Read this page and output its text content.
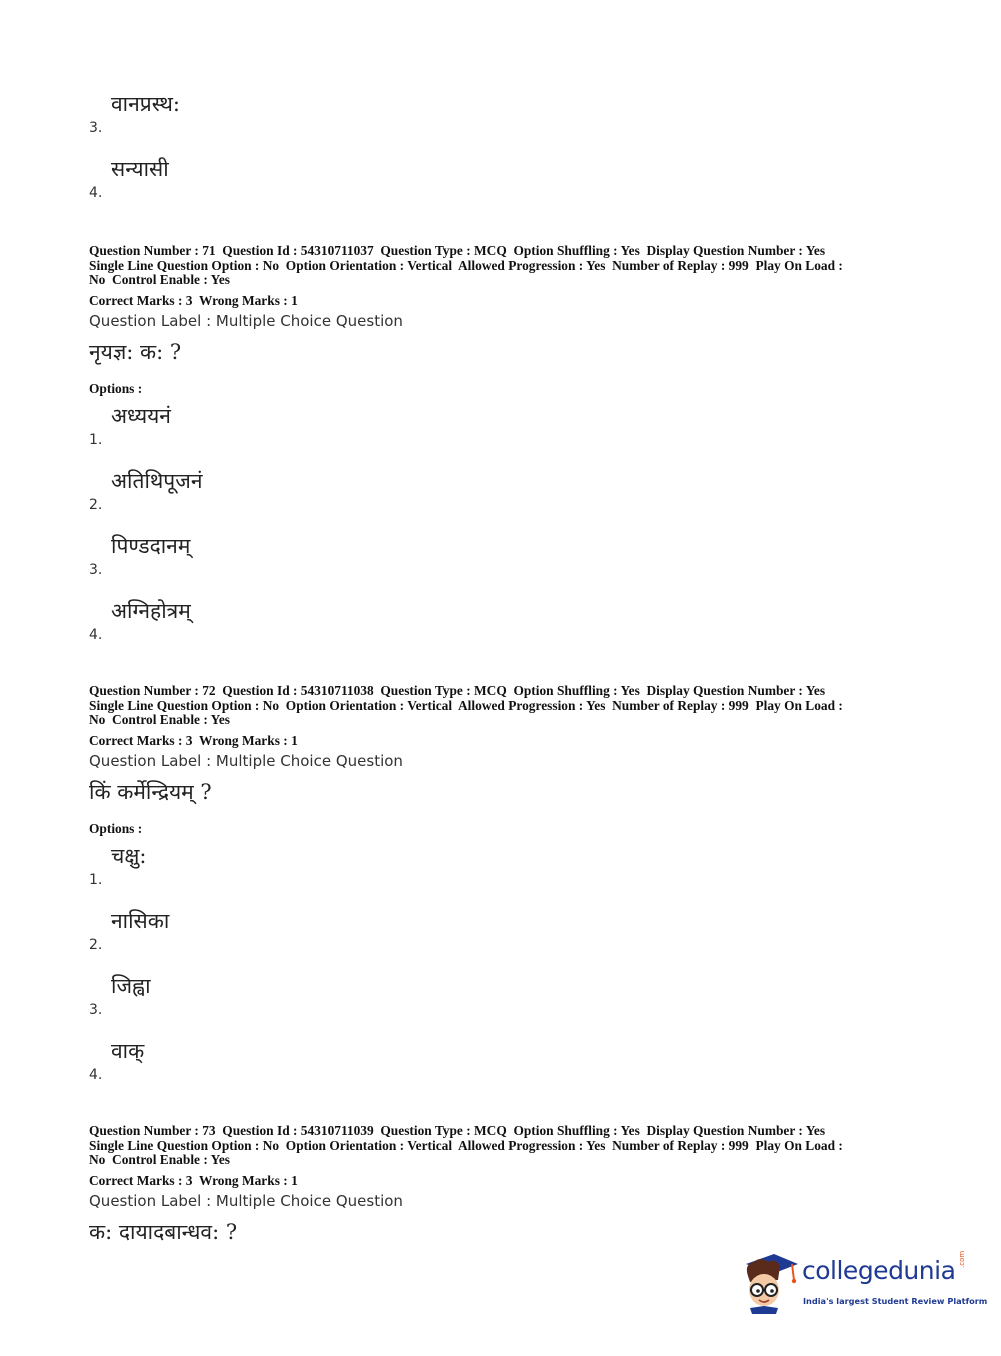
3.
वानप्रस्थ:
4.
सन्यासी
Question Number : 71  Question Id : 54310711037  Question Type : MCQ  Option Shuffling : Yes  Display Question Number : Yes
Single Line Question Option : No  Option Orientation : Vertical  Allowed Progression : Yes  Number of Replay : 999  Play On Load :
No  Control Enable : Yes
Correct Marks : 3  Wrong Marks : 1
Question Label : Multiple Choice Question
नृयज्ञ: क: ?
Options :
1.
अध्ययनं
2.
अतिथिपूजनं
3.
पिण्डदानम्
4.
अग्निहोत्रम्
Question Number : 72  Question Id : 54310711038  Question Type : MCQ  Option Shuffling : Yes  Display Question Number : Yes
Single Line Question Option : No  Option Orientation : Vertical  Allowed Progression : Yes  Number of Replay : 999  Play On Load :
No  Control Enable : Yes
Correct Marks : 3  Wrong Marks : 1
Question Label : Multiple Choice Question
किं कर्मेन्द्रियम् ?
Options :
1.
चक्षु:
2.
नासिका
3.
जिह्वा
4.
वाक्
Question Number : 73  Question Id : 54310711039  Question Type : MCQ  Option Shuffling : Yes  Display Question Number : Yes
Single Line Question Option : No  Option Orientation : Vertical  Allowed Progression : Yes  Number of Replay : 999  Play On Load :
No  Control Enable : Yes
Correct Marks : 3  Wrong Marks : 1
Question Label : Multiple Choice Question
क: दायादबान्धव: ?
collegedunia .com
India's largest Student Review Platform
